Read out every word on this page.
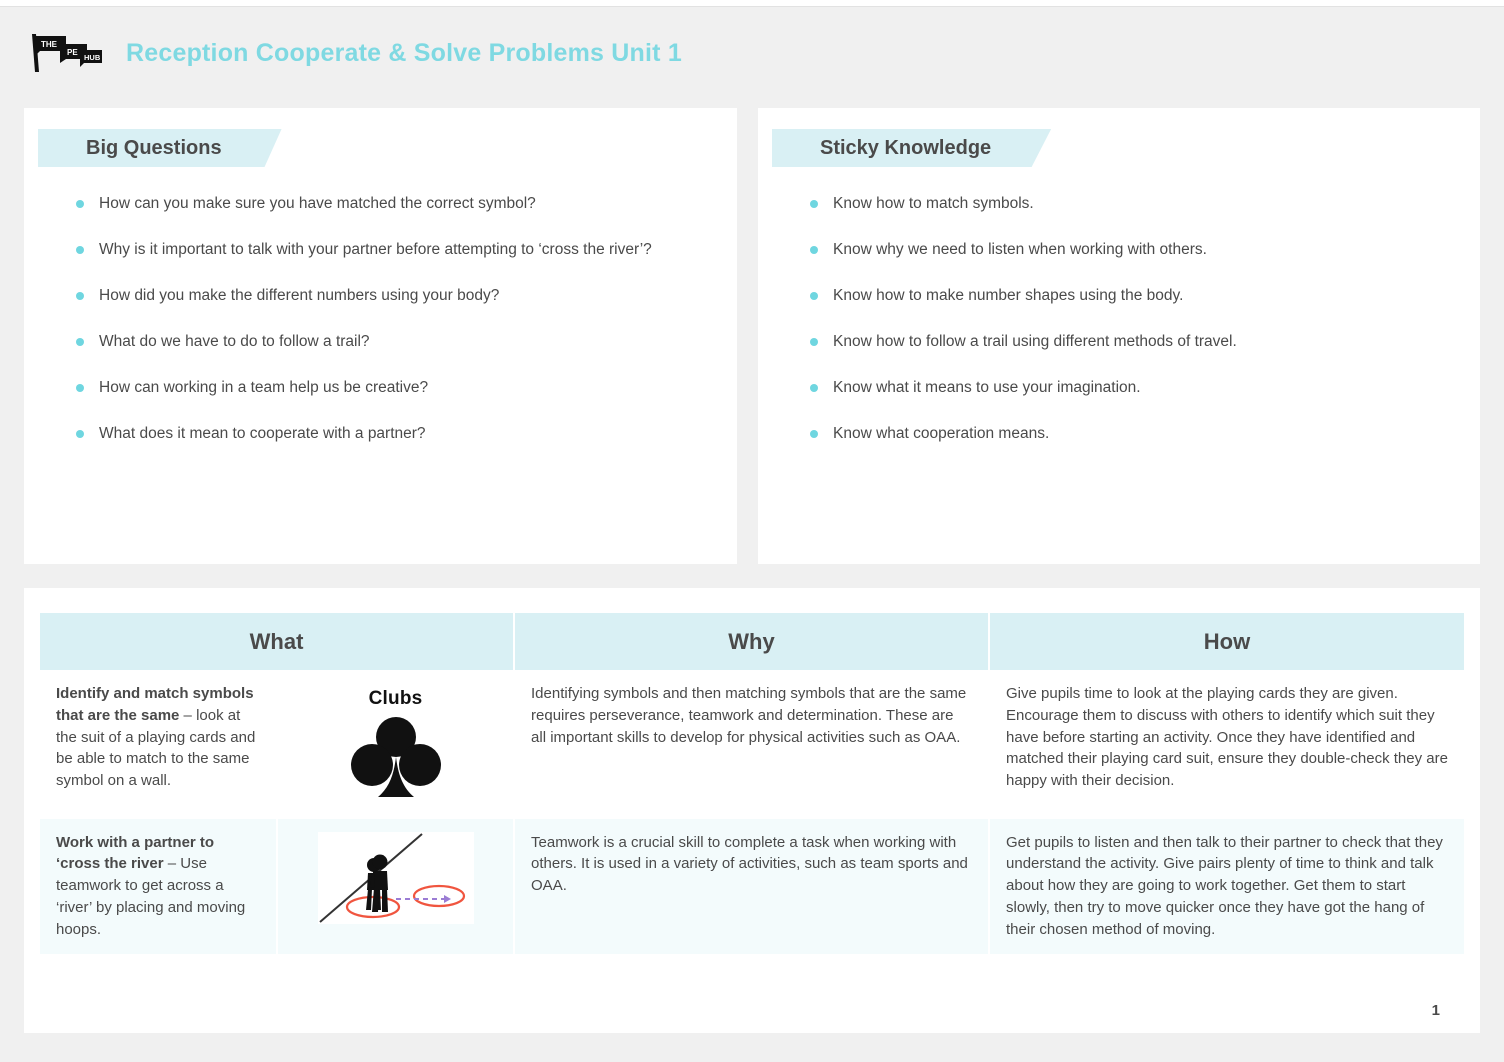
THE
PE
HUB Reception Cooperate & Solve Problems Unit 1
Big Questions
How can you make sure you have matched the correct symbol?
Why is it important to talk with your partner before attempting to ‘cross the river’?
How did you make the different numbers using your body?
What do we have to do to follow a trail?
How can working in a team help us be creative?
What does it mean to cooperate with a partner?
Sticky Knowledge
Know how to match symbols.
Know why we need to listen when working with others.
Know how to make number shapes using the body.
Know how to follow a trail using different methods of travel.
Know what it means to use your imagination.
Know what cooperation means.
What		Why	How
Identify and match symbols that are the same – look at the suit of a playing cards and be able to match to the same symbol on a wall.	Clubs	Identifying symbols and then matching symbols that are the same requires perseverance, teamwork and determination. These are all important skills to develop for physical activities such as OAA.	Give pupils time to look at the playing cards they are given. Encourage them to discuss with others to identify which suit they have before starting an activity. Once they have identified and matched their playing card suit, ensure they double-check they are happy with their decision.
Work with a partner to ‘cross the river – Use teamwork to get across a ‘river’ by placing and moving hoops.		Teamwork is a crucial skill to complete a task when working with others. It is used in a variety of activities, such as team sports and OAA.	Get pupils to listen and then talk to their partner to check that they understand the activity. Give pairs plenty of time to think and talk about how they are going to work together. Get them to start slowly, then try to move quicker once they have got the hang of their chosen method of moving.
1
